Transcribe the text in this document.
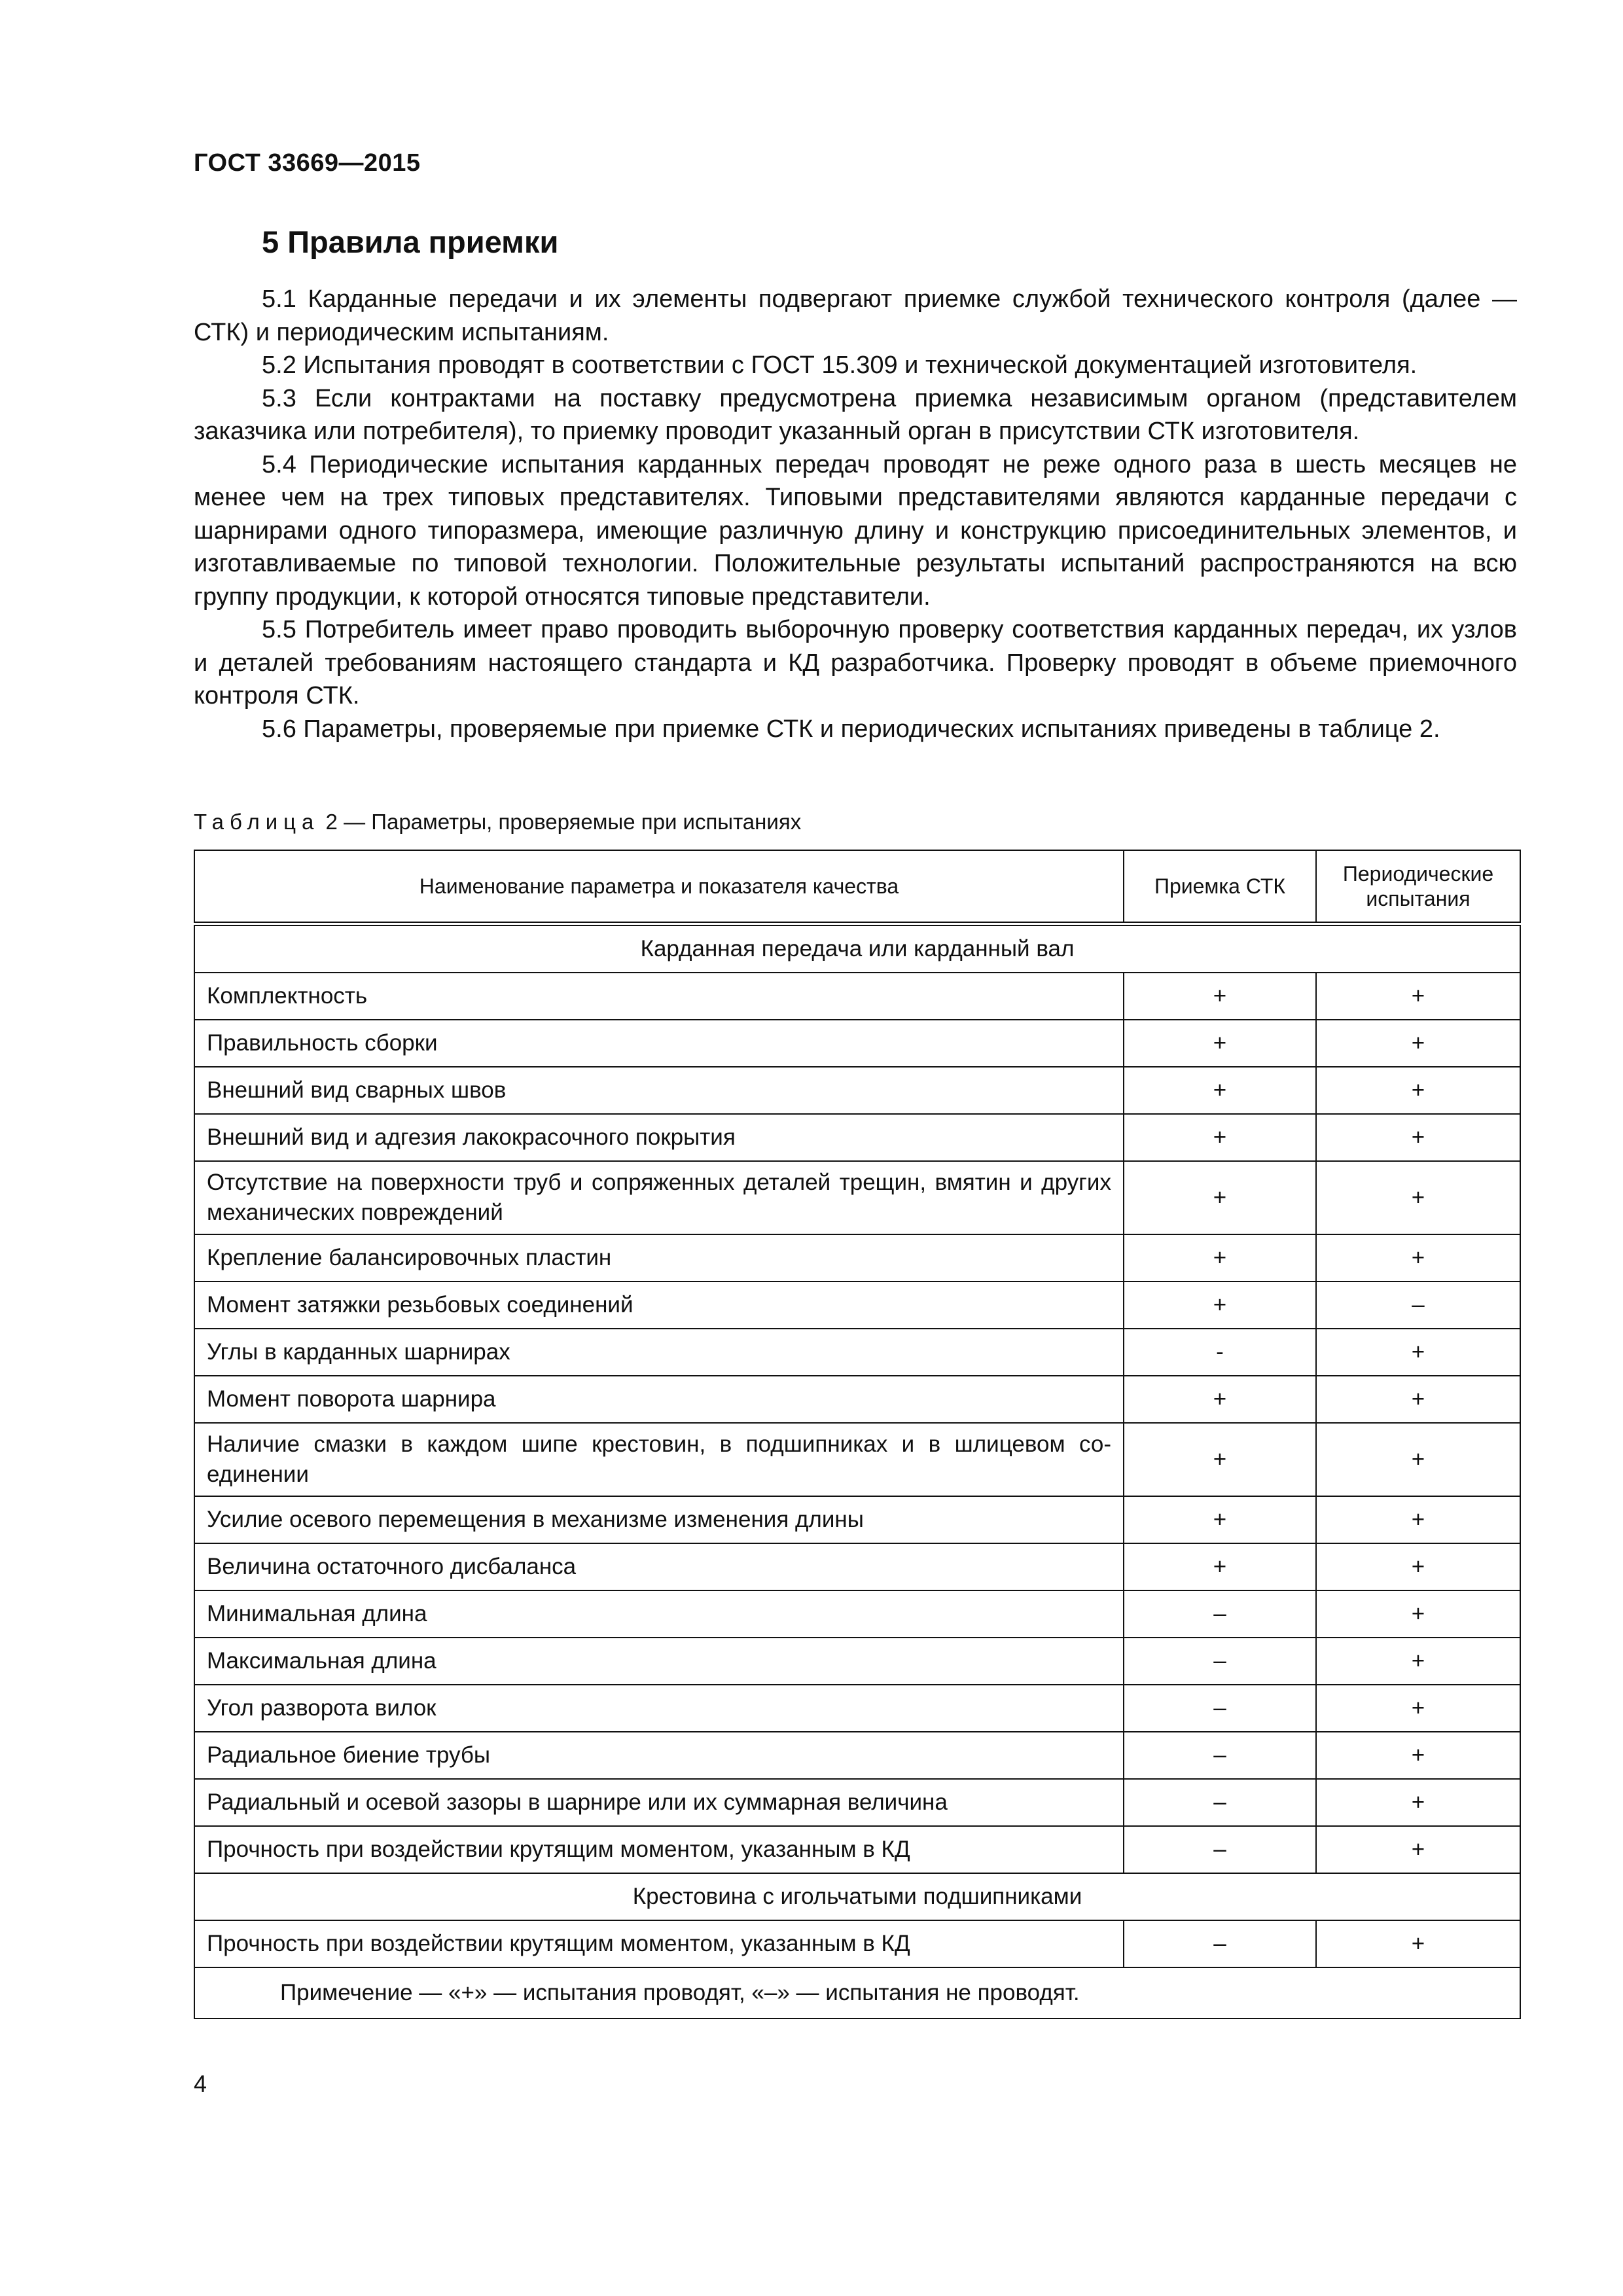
ГОСТ 33669—2015
5 Правила приемки

5.1 Карданные передачи и их элементы подвергают приемке службой технического контроля (далее — СТК) и периодическим испытаниям.

5.2 Испытания проводят в соответствии с ГОСТ 15.309 и технической документацией изготовителя.

5.3 Если контрактами на поставку предусмотрена приемка независимым органом (представителем заказчика или потребителя), то приемку проводит указанный орган в присутствии СТК изготовителя.

5.4 Периодические испытания карданных передач проводят не реже одного раза в шесть месяцев не менее чем на трех типовых представителях. Типовыми представителями являются карданные передачи с шарнирами одного типоразмера, имеющие различную длину и конструкцию присоединительных элементов, и изготавливаемые по типовой технологии. Положительные результаты испытаний распространяются на всю группу продукции, к которой относятся типовые представители.

5.5 Потребитель имеет право проводить выборочную проверку соответствия карданных передач, их узлов и деталей требованиям настоящего стандарта и КД разработчика. Проверку проводят в объеме приемочного контроля СТК.

5.6 Параметры, проверяемые при приемке СТК и периодических испытаниях приведены в таблице 2.

Таблица 2 — Параметры, проверяемые при испытаниях
Наименование параметра и показателя качества	Приемка СТК	Периодические испытания
Карданная передача или карданный вал		
Комплектность	+	+
Правильность сборки	+	+
Внешний вид сварных швов	+	+
Внешний вид и адгезия лакокрасочного покрытия	+	+
Отсутствие на поверхности труб и сопряженных деталей трещин, вмятин и других механических повреждений	+	+
Крепление балансировочных пластин	+	+
Момент затяжки резьбовых соединений	+	–
Углы в карданных шарнирах	-	+
Момент поворота шарнира	+	+
Наличие смазки в каждом шипе крестовин, в подшипниках и в шлицевом соединении	+	+
Усилие осевого перемещения в механизме изменения длины	+	+
Величина остаточного дисбаланса	+	+
Минимальная длина	–	+
Максимальная длина	–	+
Угол разворота вилок	–	+
Радиальное биение трубы	–	+
Радиальный и осевой зазоры в шарнире или их суммарная величина	–	+
Прочность при воздействии крутящим моментом, указанным в КД	–	+
Крестовина с игольчатыми подшипниками		
Прочность при воздействии крутящим моментом, указанным в КД	–	+
Примечение — «+» — испытания проводят, «–» — испытания не проводят.		
4
